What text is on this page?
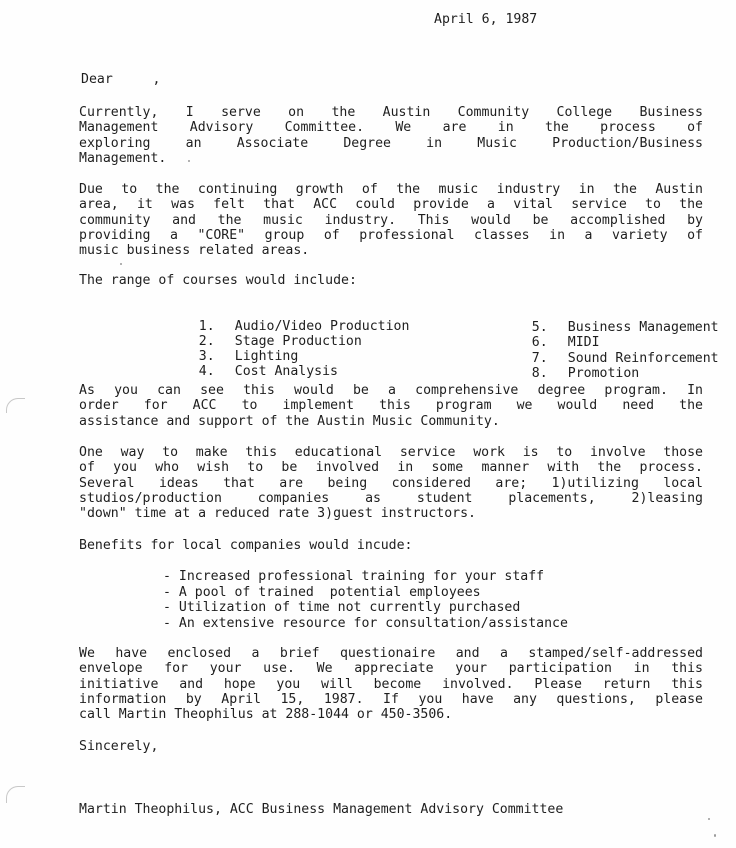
April 6, 1987
Dear     ,
Currently, I serve on the Austin Community College Business
Management Advisory Committee. We are in the process of
exploring an Associate Degree in Music Production/Business
Management.
Due to the continuing growth of the music industry in the Austin
area, it was felt that ACC could provide a vital service to the
community and the music industry. This would be accomplished by
providing a "CORE" group of professional classes in a variety of
music business related areas.
The range of courses would include:

1. Audio/Video Production

2. Stage Production

3. Lighting

4. Cost Analysis

5. Business Management

6. MIDI

7. Sound Reinforcement

8. Promotion

As you can see this would be a comprehensive degree program. In
order for ACC to implement this program we would need the
assistance and support of the Austin Music Community.
One way to make this educational service work is to involve those
of you who wish to be involved in some manner with the process.
Several ideas that are being considered are; 1)utilizing local
studios/production companies as student placements, 2)leasing
"down" time at a reduced rate 3)guest instructors.
Benefits for local companies would incude:
- Increased professional training for your staff
- A pool of trained  potential employees
- Utilization of time not currently purchased
- An extensive resource for consultation/assistance
We have enclosed a brief questionaire and a stamped/self-addressed
envelope for your use. We appreciate your participation in this
initiative and hope you will become involved. Please return this
information by April 15, 1987. If you have any questions, please
call Martin Theophilus at 288-1044 or 450-3506.
Sincerely,
Martin Theophilus, ACC Business Management Advisory Committee
